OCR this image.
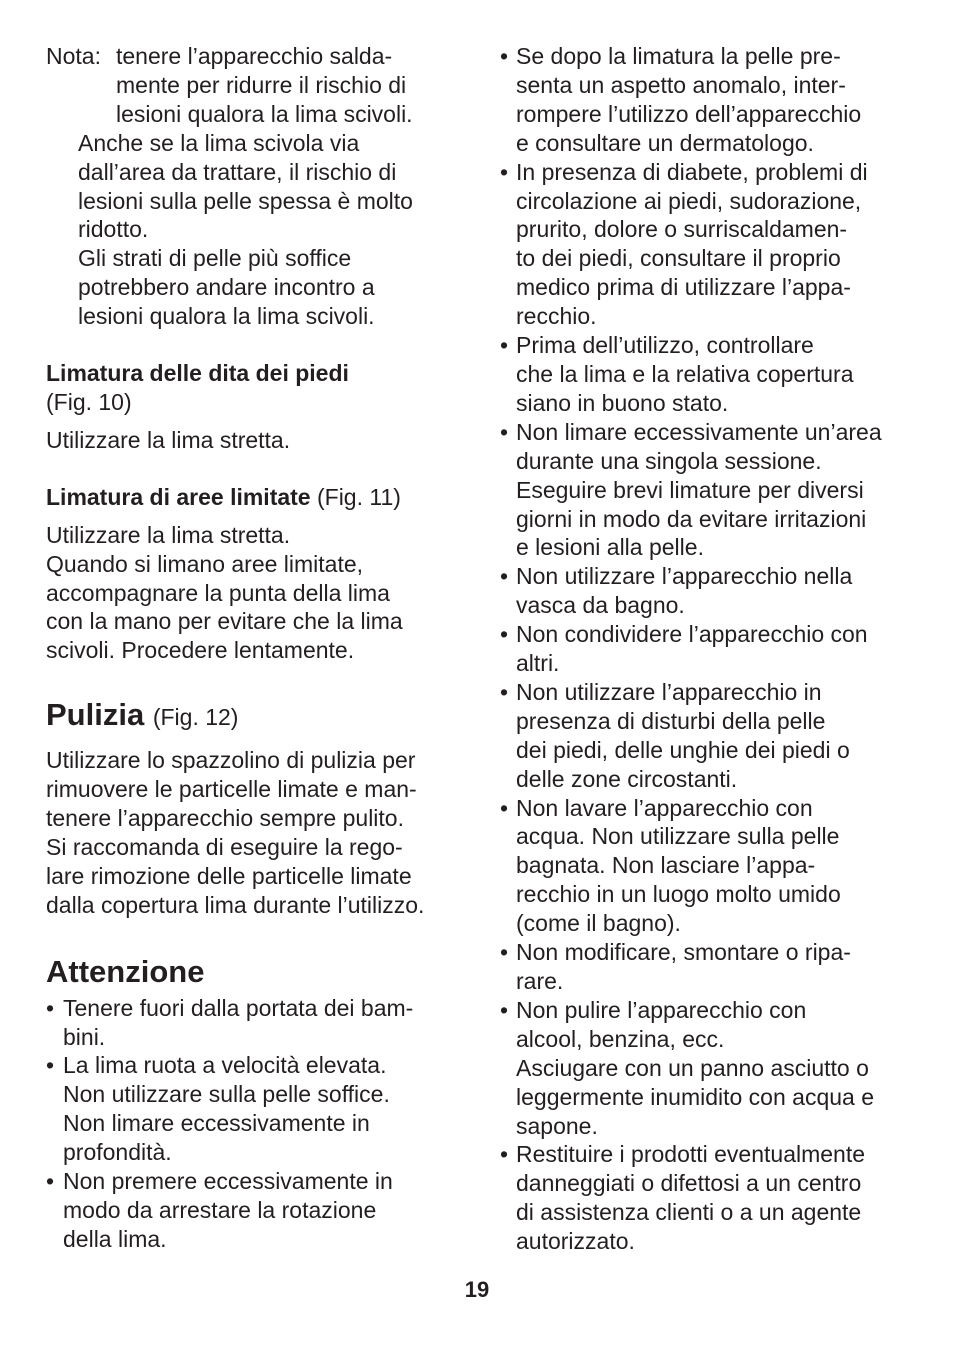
Nota: tenere l’apparecchio salda-
mente per ridurre il rischio di
lesioni qualora la lima scivoli.
Anche se la lima scivola via
dall’area da trattare, il rischio di
lesioni sulla pelle spessa è molto
ridotto.
Gli strati di pelle più soffice
potrebbero andare incontro a
lesioni qualora la lima scivoli.
Limatura delle dita dei piedi
(Fig. 10)
Utilizzare la lima stretta.
Limatura di aree limitate (Fig. 11)
Utilizzare la lima stretta.
Quando si limano aree limitate,
accompagnare la punta della lima
con la mano per evitare che la lima
scivoli. Procedere lentamente.
Pulizia (Fig. 12)
Utilizzare lo spazzolino di pulizia per
rimuovere le particelle limate e man-
tenere l’apparecchio sempre pulito.
Si raccomanda di eseguire la rego-
lare rimozione delle particelle limate
dalla copertura lima durante l’utilizzo.
Attenzione
• Tenere fuori dalla portata dei bam-
bini.
• La lima ruota a velocità elevata.
Non utilizzare sulla pelle soffice.
Non limare eccessivamente in
profondità.
• Non premere eccessivamente in
modo da arrestare la rotazione
della lima.
• Se dopo la limatura la pelle pre-
senta un aspetto anomalo, inter-
rompere l’utilizzo dell’apparecchio
e consultare un dermatologo.
• In presenza di diabete, problemi di
circolazione ai piedi, sudorazione,
prurito, dolore o surriscaldamen-
to dei piedi, consultare il proprio
medico prima di utilizzare l’appa-
recchio.
• Prima dell’utilizzo, controllare
che la lima e la relativa copertura
siano in buono stato.
• Non limare eccessivamente un’area
durante una singola sessione.
Eseguire brevi limature per diversi
giorni in modo da evitare irritazioni
e lesioni alla pelle.
• Non utilizzare l’apparecchio nella
vasca da bagno.
• Non condividere l’apparecchio con
altri.
• Non utilizzare l’apparecchio in
presenza di disturbi della pelle
dei piedi, delle unghie dei piedi o
delle zone circostanti.
• Non lavare l’apparecchio con
acqua. Non utilizzare sulla pelle
bagnata. Non lasciare l’appa-
recchio in un luogo molto umido
(come il bagno).
• Non modificare, smontare o ripa-
rare.
• Non pulire l’apparecchio con
alcool, benzina, ecc.
Asciugare con un panno asciutto o
leggermente inumidito con acqua e
sapone.
• Restituire i prodotti eventualmente
danneggiati o difettosi a un centro
di assistenza clienti o a un agente
autorizzato.
19
